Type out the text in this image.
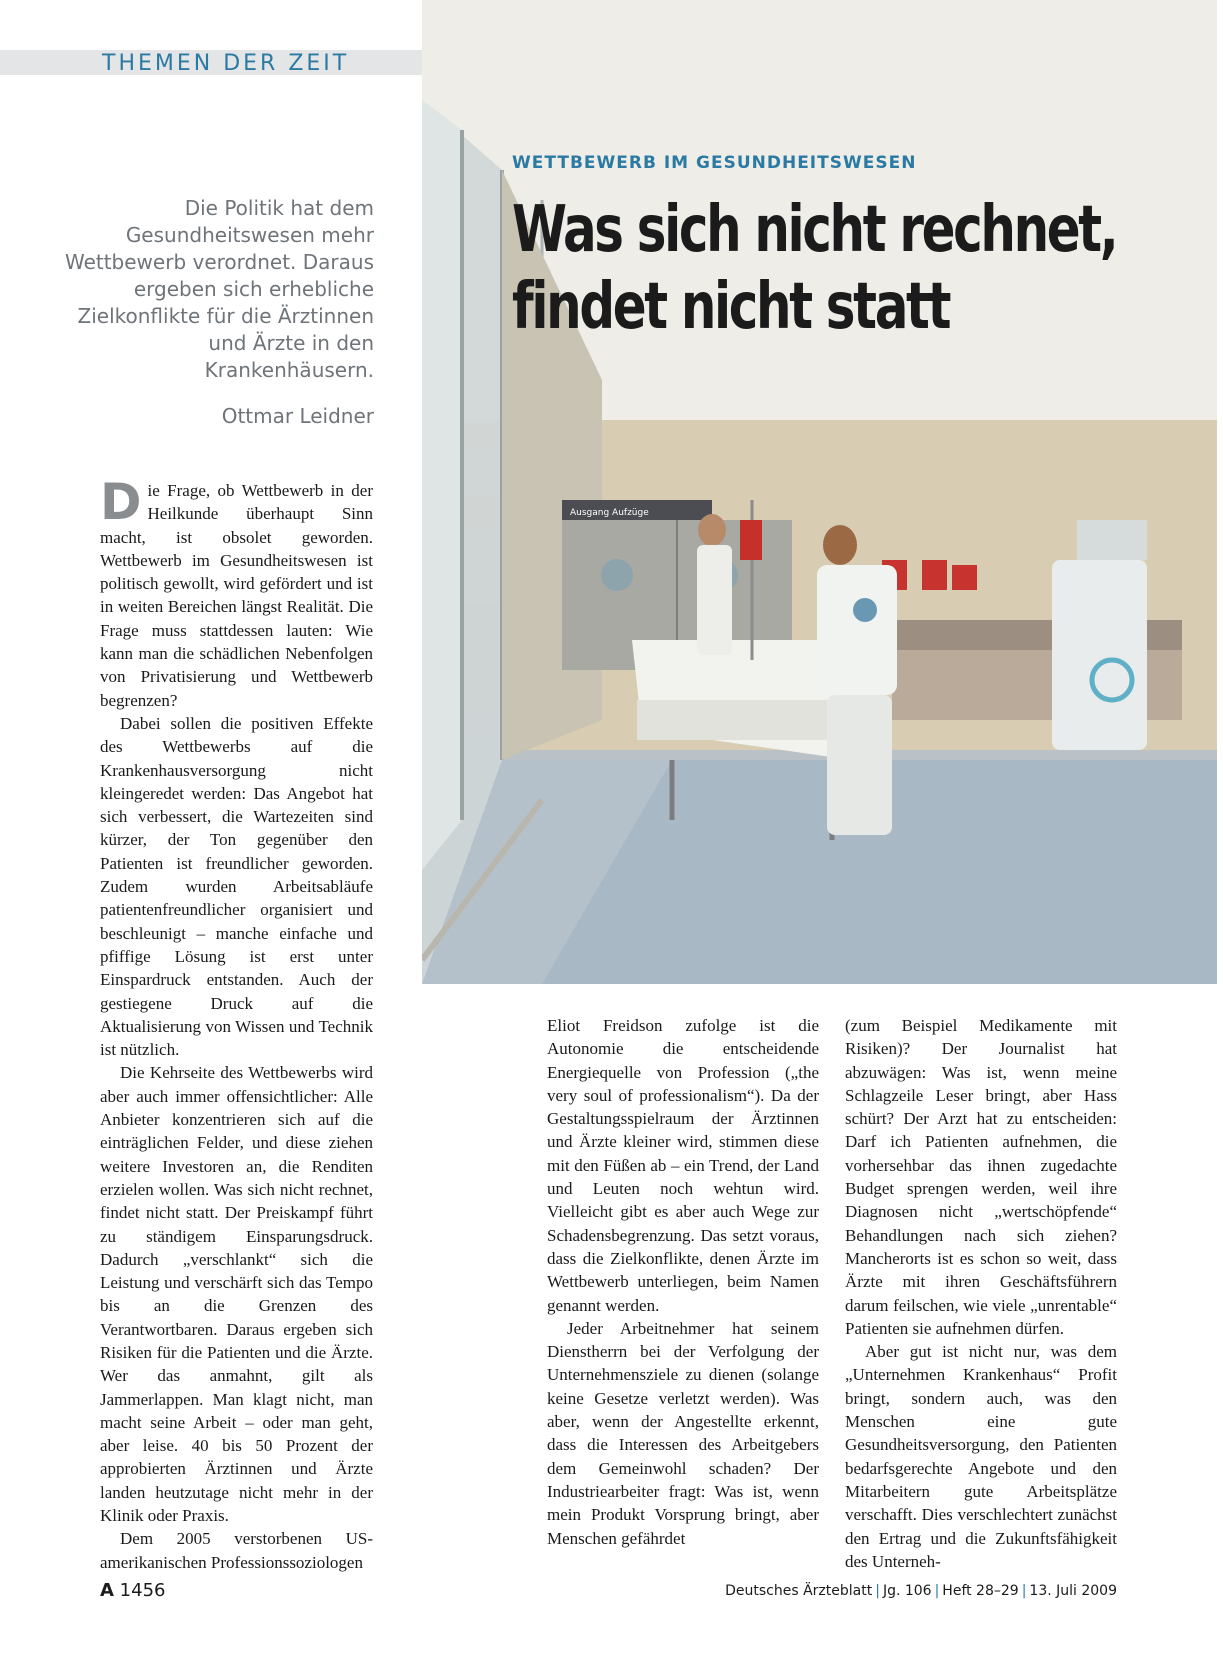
THEMEN DER ZEIT
Ausgang Aufzüge
WETTBEWERB IM GESUNDHEITSWESEN
Was sich nicht rechnet,
findet nicht statt
Die Politik hat dem Gesundheitswesen mehr Wettbewerb verordnet. Daraus ergeben sich erhebliche Zielkonflikte für die Ärztinnen und Ärzte in den Krankenhäusern.
Ottmar Leidner

Die Frage, ob Wettbewerb in der Heilkunde überhaupt Sinn macht, ist obsolet geworden. Wettbewerb im Gesundheitswesen ist politisch gewollt, wird gefördert und ist in weiten Bereichen längst Realität. Die Frage muss stattdessen lauten: Wie kann man die schädlichen Nebenfolgen von Privatisierung und Wettbewerb begrenzen?

Dabei sollen die positiven Effekte des Wettbewerbs auf die Krankenhausversorgung nicht kleingeredet werden: Das Angebot hat sich verbessert, die Wartezeiten sind kürzer, der Ton gegenüber den Patienten ist freundlicher geworden. Zudem wurden Arbeitsabläufe patientenfreundlicher organisiert und beschleunigt – manche einfache und pfiffige Lösung ist erst unter Einspardruck entstanden. Auch der gestiegene Druck auf die Aktualisierung von Wissen und Technik ist nützlich.

Die Kehrseite des Wettbewerbs wird aber auch immer offensichtlicher: Alle Anbieter konzentrieren sich auf die einträglichen Felder, und diese ziehen weitere Investoren an, die Renditen erzielen wollen. Was sich nicht rechnet, findet nicht statt. Der Preiskampf führt zu ständigem Einsparungsdruck. Dadurch „verschlankt“ sich die Leistung und verschärft sich das Tempo bis an die Grenzen des Verantwortbaren. Daraus ergeben sich Risiken für die Patienten und die Ärzte. Wer das anmahnt, gilt als Jammerlappen. Man klagt nicht, man macht seine Arbeit – oder man geht, aber leise. 40 bis 50 Prozent der approbierten Ärztinnen und Ärzte landen heutzutage nicht mehr in der Klinik oder Praxis.

Dem 2005 verstorbenen US-amerikanischen Professionssoziologen

Eliot Freidson zufolge ist die Autonomie die entscheidende Energiequelle von Profession („the very soul of professionalism“). Da der Gestaltungsspielraum der Ärztinnen und Ärzte kleiner wird, stimmen diese mit den Füßen ab – ein Trend, der Land und Leuten noch wehtun wird. Vielleicht gibt es aber auch Wege zur Schadensbegrenzung. Das setzt voraus, dass die Zielkonflikte, denen Ärzte im Wettbewerb unterliegen, beim Namen genannt werden.

Jeder Arbeitnehmer hat seinem Dienstherrn bei der Verfolgung der Unternehmensziele zu dienen (solange keine Gesetze verletzt werden). Was aber, wenn der Angestellte erkennt, dass die Interessen des Arbeitgebers dem Gemeinwohl schaden? Der Industriearbeiter fragt: Was ist, wenn mein Produkt Vorsprung bringt, aber Menschen gefährdet

(zum Beispiel Medikamente mit Risiken)? Der Journalist hat abzuwägen: Was ist, wenn meine Schlagzeile Leser bringt, aber Hass schürt? Der Arzt hat zu entscheiden: Darf ich Patienten aufnehmen, die vorhersehbar das ihnen zugedachte Budget sprengen werden, weil ihre Diagnosen nicht „wertschöpfende“ Behandlungen nach sich ziehen? Mancherorts ist es schon so weit, dass Ärzte mit ihren Geschäftsführern darum feilschen, wie viele „unrentable“ Patienten sie aufnehmen dürfen.

Aber gut ist nicht nur, was dem „Unternehmen Krankenhaus“ Profit bringt, sondern auch, was den Menschen eine gute Gesundheitsversorgung, den Patienten bedarfsgerechte Angebote und den Mitarbeitern gute Arbeitsplätze verschafft. Dies verschlechtert zunächst den Ertrag und die Zukunftsfähigkeit des Unterneh-

A 1456	Deutsches Ärzteblatt | Jg. 106 | Heft 28–29 | 13. Juli 2009
